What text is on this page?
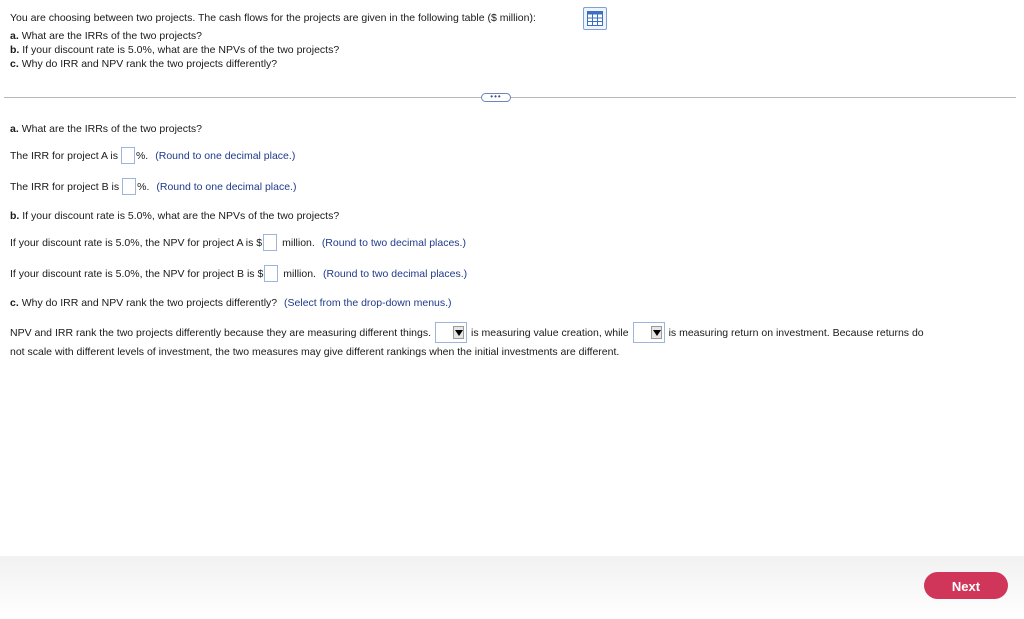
You are choosing between two projects. The cash flows for the projects are given in the following table ($ million):
a. What are the IRRs of the two projects?
b. If your discount rate is 5.0%, what are the NPVs of the two projects?
c. Why do IRR and NPV rank the two projects differently?
•••
a. What are the IRRs of the two projects?
The IRR for project A is %. (Round to one decimal place.)
The IRR for project B is %. (Round to one decimal place.)
b. If your discount rate is 5.0%, what are the NPVs of the two projects?
If your discount rate is 5.0%, the NPV for project A is $ million. (Round to two decimal places.)
If your discount rate is 5.0%, the NPV for project B is $ million. (Round to two decimal places.)
c. Why do IRR and NPV rank the two projects differently? (Select from the drop-down menus.)
NPV and IRR rank the two projects differently because they are measuring different things.	is measuring value creation, while	is measuring return on investment. Because returns do
not scale with different levels of investment, the two measures may give different rankings when the initial investments are different.
Next
